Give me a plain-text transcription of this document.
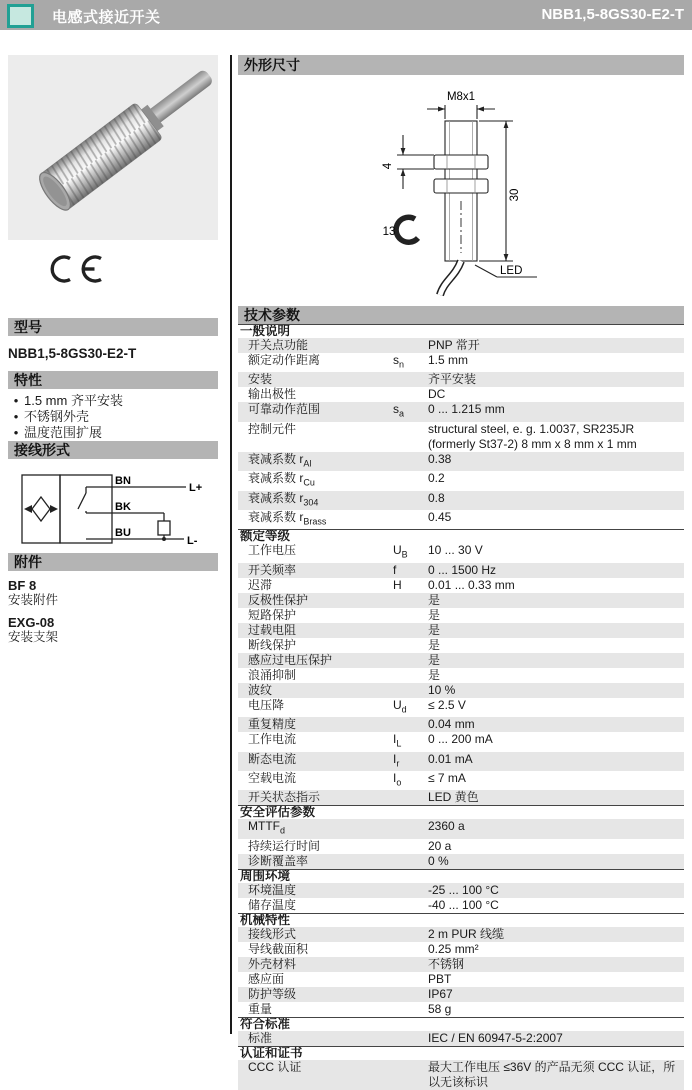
电感式接近开关	NBB1,5-8GS30-E2-T
型号
NBB1,5-8GS30-E2-T
特性
• 1.5 mm 齐平安装
• 不锈钢外壳
• 温度范围扩展
接线形式
BN
BK
BU
L+
L-
附件
BF 8
安装附件
EXG-08
安装支架
外形尺寸
M8x1
30
4
13
LED
技术参数
一般说明
开关点功能	PNP 常开
额定动作距离	$s_n$	1.5 mm
安装	齐平安装
输出极性	DC
可靠动作范围	$s_a$	0 ... 1.215 mm
控制元件	structural steel, e. g. 1.0037, SR235JR (formerly St37-2) 8 mm x 8 mm x 1 mm
衰减系数 $r_{Al}$	0.38
衰减系数 $r_{Cu}$	0.2
衰减系数 $r_{304}$	0.8
衰减系数 $r_{Brass}$	0.45
额定等级
工作电压	$U_B$	10 ... 30 V
开关频率	f	0 ... 1500 Hz
迟滞	H	0.01 ... 0.33 mm
反极性保护	是
短路保护	是
过载电阻	是
断线保护	是
感应过电压保护	是
浪涌抑制	是
波纹	10 %
电压降	$U_d$	≤ 2.5 V
重复精度	0.04 mm
工作电流	$I_L$	0 ... 200 mA
断态电流	$I_r$	0.01 mA
空载电流	$I_o$	≤ 7 mA
开关状态指示	LED 黄色
安全评估参数
$MTTF_d$	2360 a
持续运行时间	20 a
诊断覆盖率	0 %
周围环境
环境温度	-25 ... 100 °C
储存温度	-40 ... 100 °C
机械特性
接线形式	2 m PUR 线缆
导线截面积	0.25 mm²
外壳材料	不锈钢
感应面	PBT
防护等级	IP67
重量	58 g
符合标准
标准	IEC / EN 60947-5-2:2007
认证和证书
CCC 认证	最大工作电压 ≤36V 的产品无须 CCC 认证，所以无该标识
